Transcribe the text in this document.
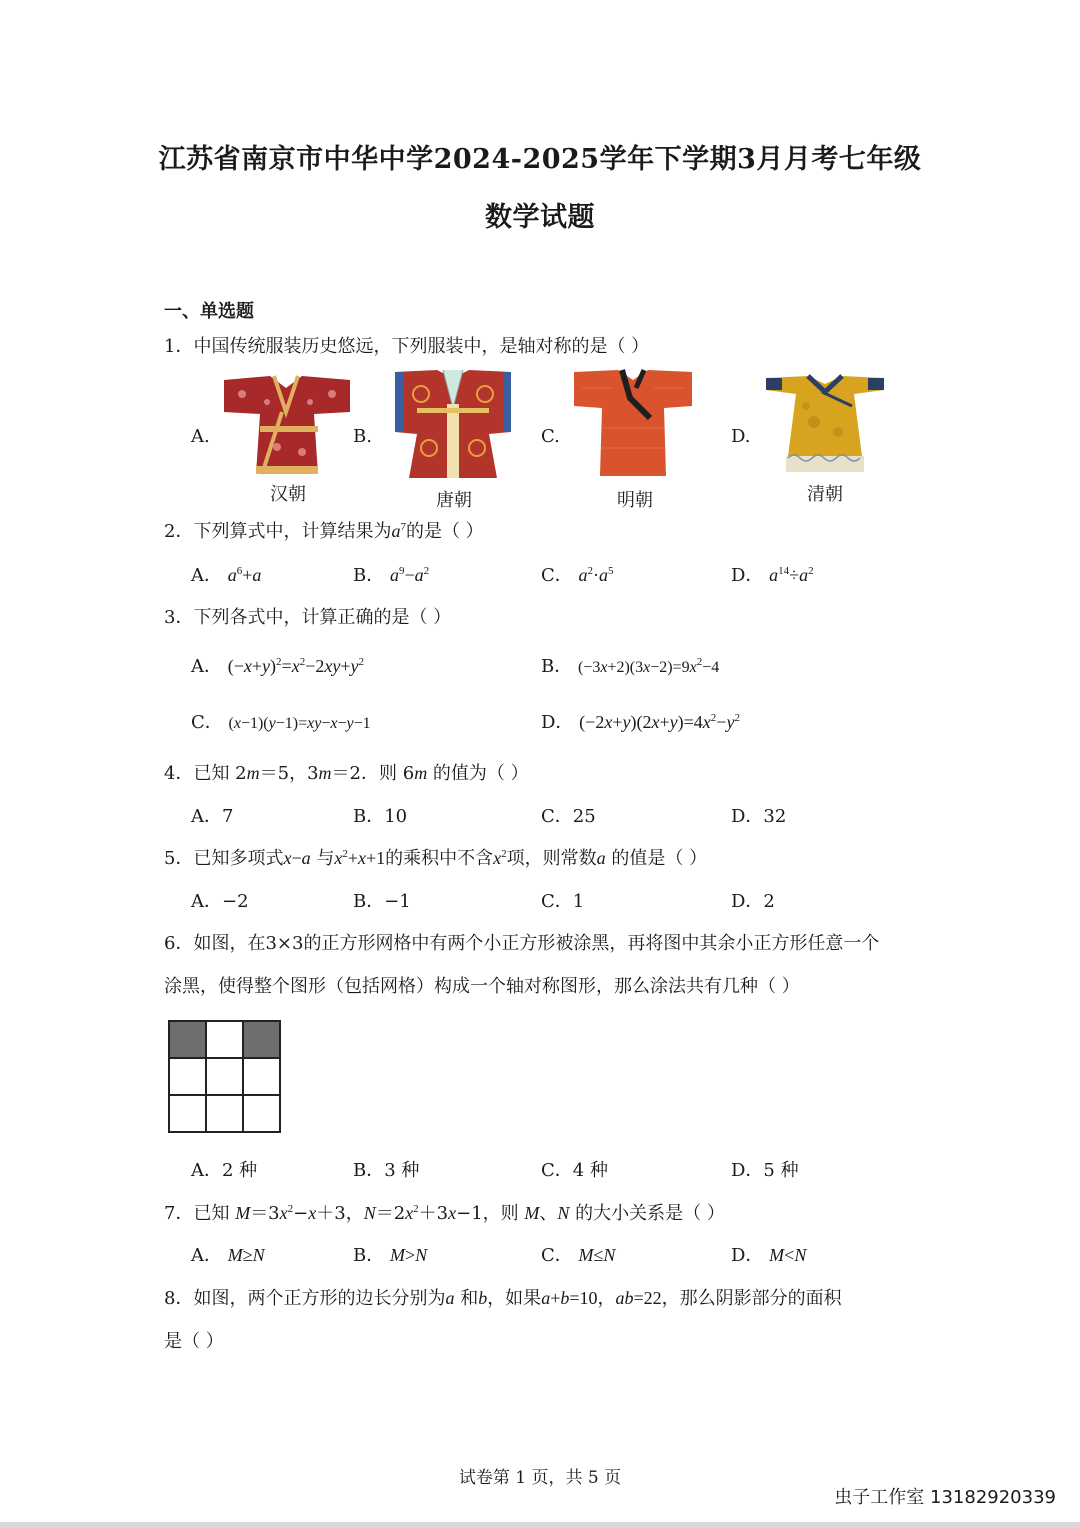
江苏省南京市中华中学2024-2025学年下学期3月月考七年级
数学试题
一、单选题
1．中国传统服装历史悠远，下列服装中，是轴对称的是（ ）
A.	B.	C.	D.
汉朝	唐朝	明朝	清朝
2．下列算式中，计算结果为$a^7$的是（ ）
A． $a^6+a$	B． $a^9-a^2$	C． $a^2\cdot a^5$	D． $a^{14}\div a^2$
3．下列各式中，计算正确的是（ ）
A． $(-x+y)^2=x^2-2xy+y^2$	B． $(-3x+2)(3x-2)=9x^2-4$
C． (x−1)(y−1)=xy−x−y−1	D． $(-2x+y)(2x+y)=4x^2-y^2$
4．已知 2m＝5，3m＝2．则 6m 的值为（ ）
A．7	B．10	C．25	D．32
5．已知多项式x−a 与$x^2+x+1$的乘积中不含$x^2$项，则常数a 的值是（ ）
A．−2	B．−1	C．1	D．2
6．如图，在3×3的正方形网格中有两个小正方形被涂黑，再将图中其余小正方形任意一个
涂黑，使得整个图形（包括网格）构成一个轴对称图形，那么涂法共有几种（ ）
A．2 种	B．3 种	C．4 种	D．5 种
7．已知 $M=3x^2-x+3$，$N=2x^2+3x-1$，则 M、N 的大小关系是（ ）
A． M≥N	B． M>N	C． M≤N	D． M<N
8．如图，两个正方形的边长分别为a 和b，如果a+b=10，ab=22，那么阴影部分的面积
是（ ）
试卷第 1 页，共 5 页
虫子工作室 13182920339
